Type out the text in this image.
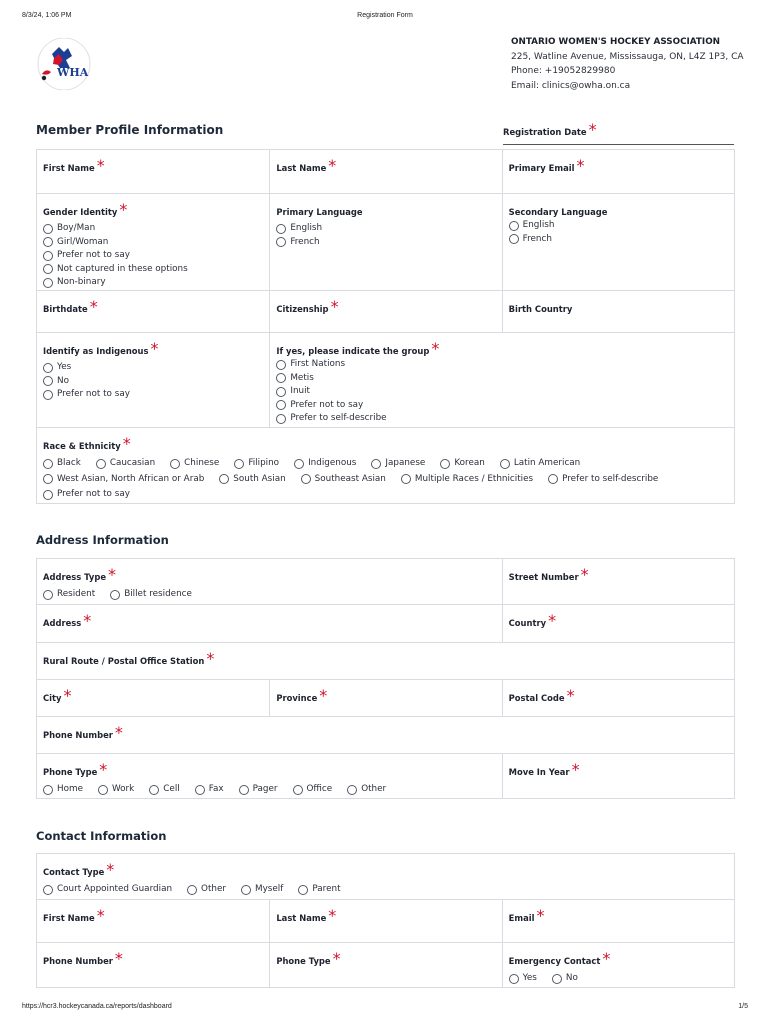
8/3/24, 1:06 PM	Registration Form
WHA
ONTARIO WOMEN'S HOCKEY ASSOCIATION
225, Watline Avenue, Mississauga, ON, L4Z 1P3, CA
Phone: +19052829980
Email: clinics@owha.on.ca
Member Profile Information	Registration Date *
First Name *	Last Name *	Primary Email *
Gender Identity *
Boy/Man
Girl/Woman
Prefer not to say
Not captured in these options
Non-binary
Primary Language
English
French
Secondary Language
English
French
Birthdate *	Citizenship *	Birth Country
Identify as Indigenous *
Yes
No
Prefer not to say
If yes, please indicate the group *
First Nations
Metis
Inuit
Prefer not to say
Prefer to self-describe
Race & Ethnicity *
Black	Caucasian	Chinese	Filipino	Indigenous	Japanese	Korean	Latin American
West Asian, North African or Arab	South Asian	Southeast Asian	Multiple Races / Ethnicities	Prefer to self-describe
Prefer not to say
Address Information
Address Type *
Resident	Billet residence
Street Number *
Address *	Country *
Rural Route / Postal Office Station *
City *	Province *	Postal Code *
Phone Number *
Phone Type *
Home	Work	Cell	Fax	Pager	Office	Other
Move In Year *
Contact Information
Contact Type *
Court Appointed Guardian	Other	Myself	Parent
First Name *	Last Name *	Email *
Phone Number *	Phone Type *	Emergency Contact *
Yes	No
https://hcr3.hockeycanada.ca/reports/dashboard	1/5
